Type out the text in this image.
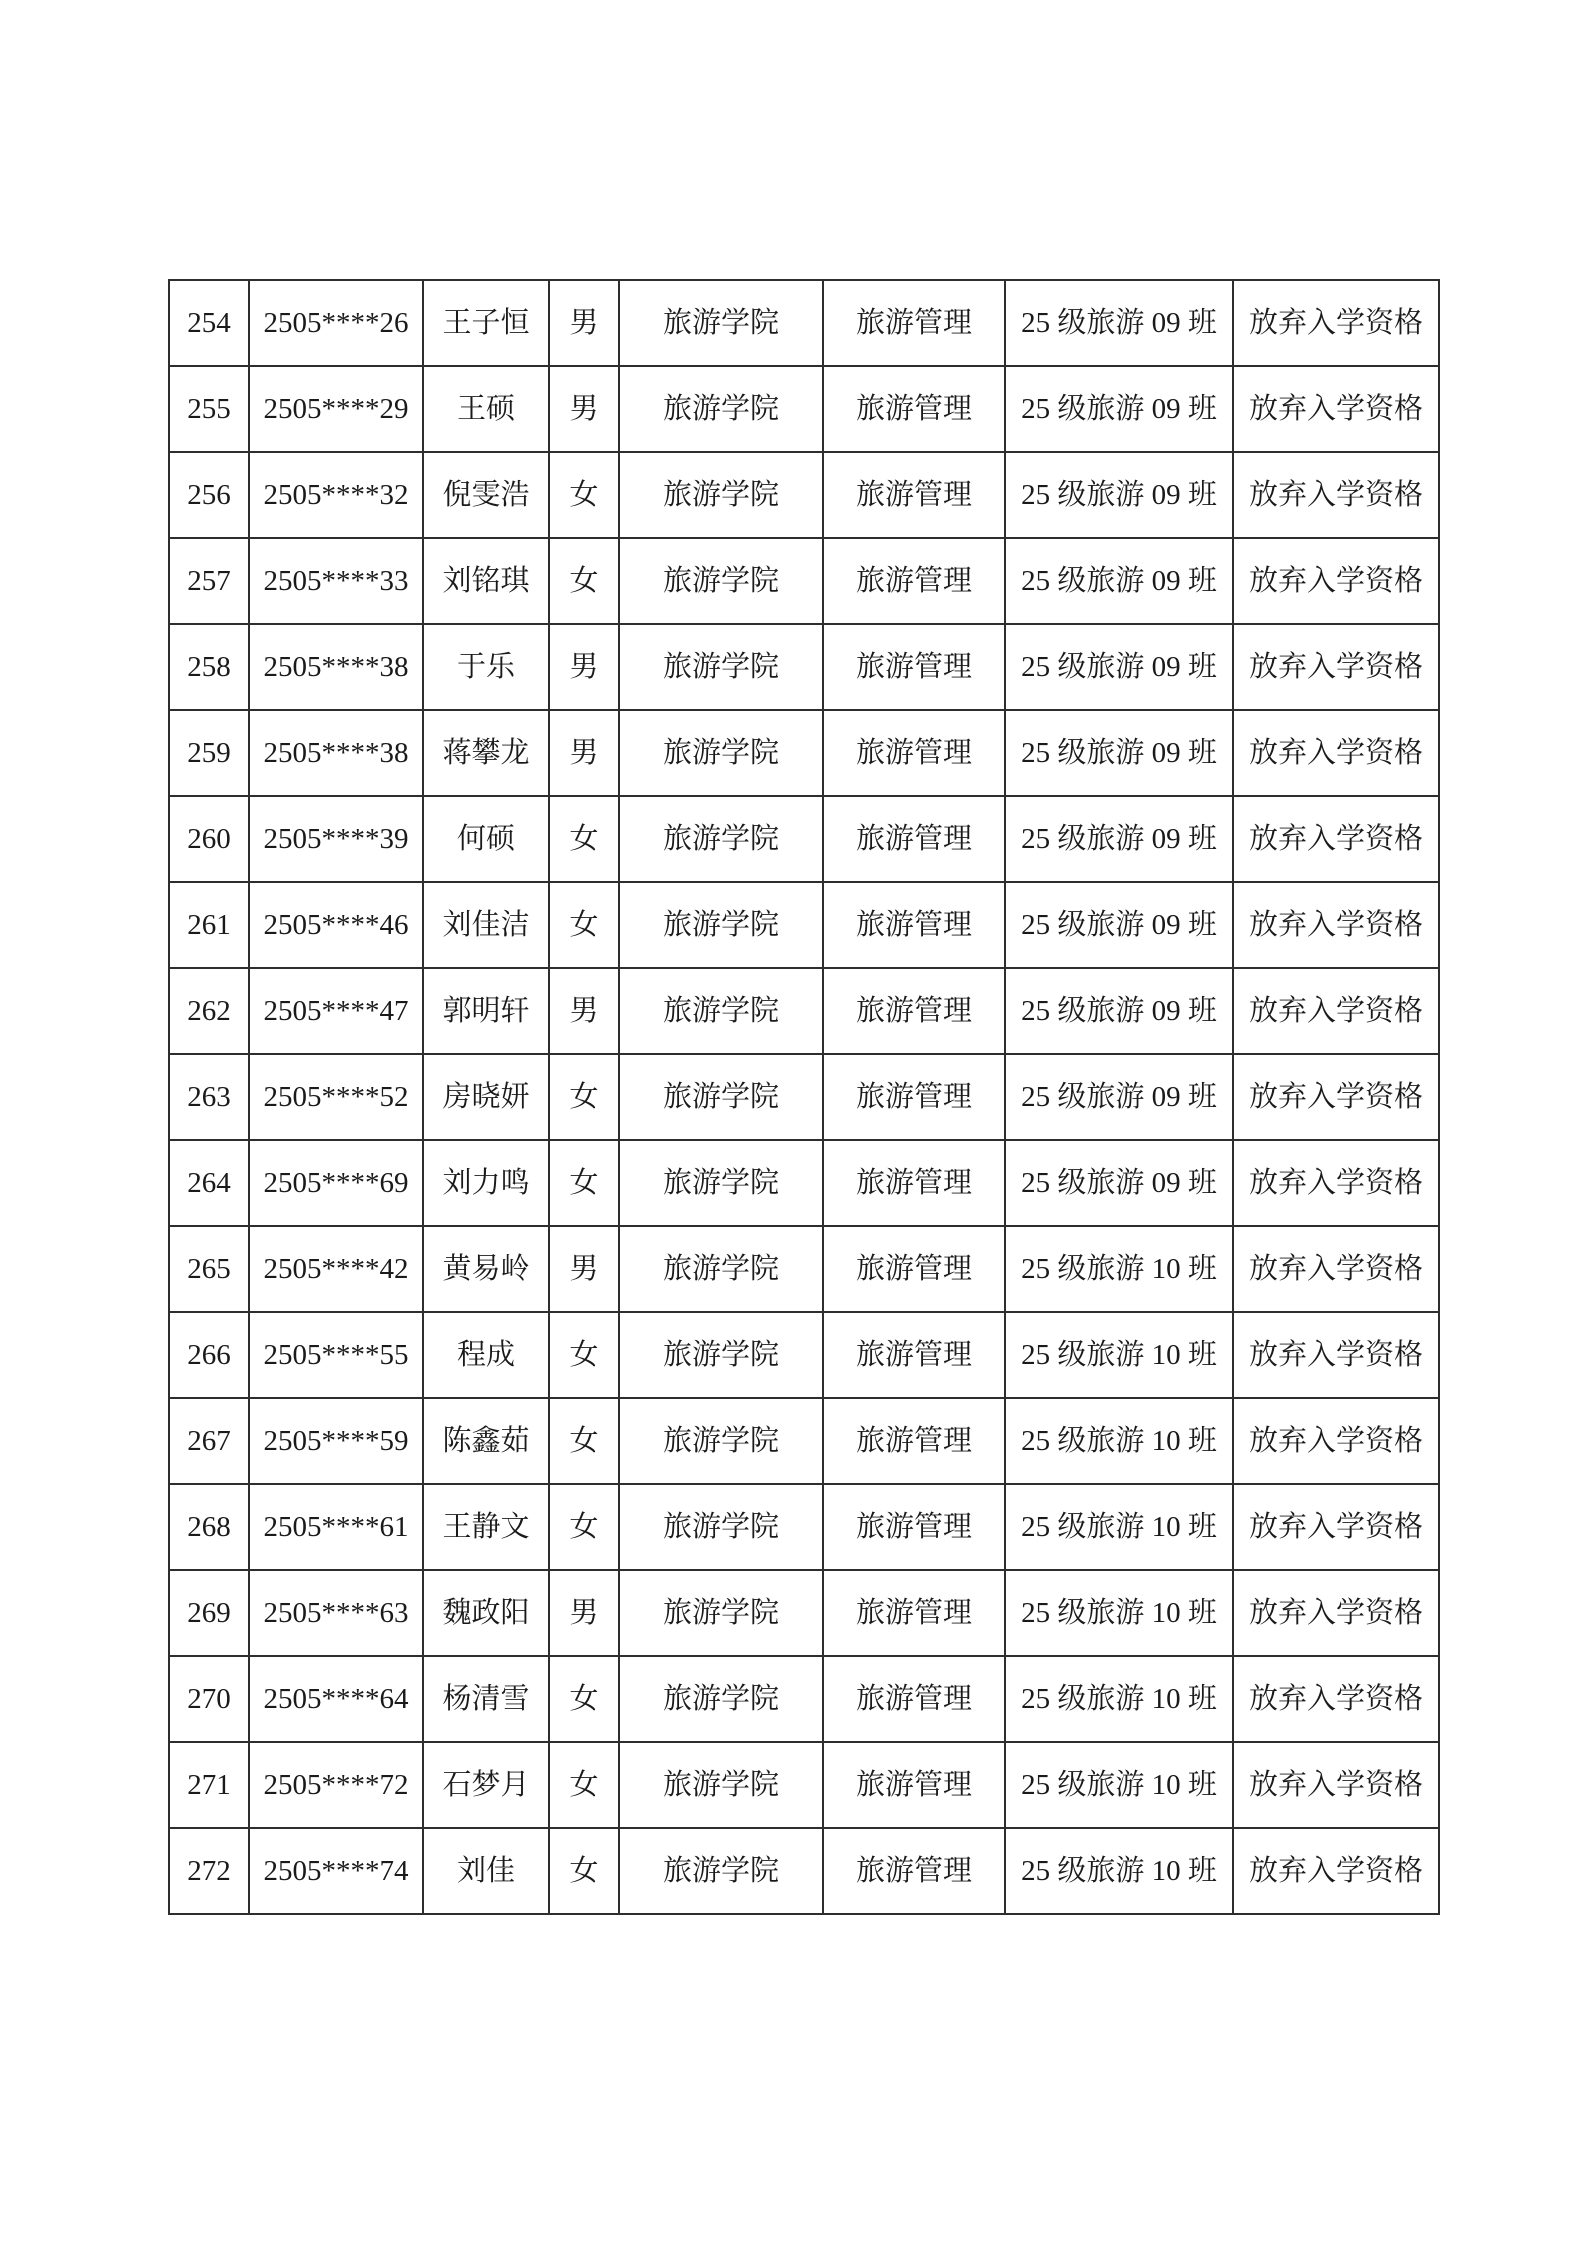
254	2505****26	王子恒	男	旅游学院	旅游管理	25 级旅游 09 班	放弃入学资格
255	2505****29	王硕	男	旅游学院	旅游管理	25 级旅游 09 班	放弃入学资格
256	2505****32	倪雯浩	女	旅游学院	旅游管理	25 级旅游 09 班	放弃入学资格
257	2505****33	刘铭琪	女	旅游学院	旅游管理	25 级旅游 09 班	放弃入学资格
258	2505****38	于乐	男	旅游学院	旅游管理	25 级旅游 09 班	放弃入学资格
259	2505****38	蒋攀龙	男	旅游学院	旅游管理	25 级旅游 09 班	放弃入学资格
260	2505****39	何硕	女	旅游学院	旅游管理	25 级旅游 09 班	放弃入学资格
261	2505****46	刘佳洁	女	旅游学院	旅游管理	25 级旅游 09 班	放弃入学资格
262	2505****47	郭明轩	男	旅游学院	旅游管理	25 级旅游 09 班	放弃入学资格
263	2505****52	房晓妍	女	旅游学院	旅游管理	25 级旅游 09 班	放弃入学资格
264	2505****69	刘力鸣	女	旅游学院	旅游管理	25 级旅游 09 班	放弃入学资格
265	2505****42	黄易岭	男	旅游学院	旅游管理	25 级旅游 10 班	放弃入学资格
266	2505****55	程成	女	旅游学院	旅游管理	25 级旅游 10 班	放弃入学资格
267	2505****59	陈鑫茹	女	旅游学院	旅游管理	25 级旅游 10 班	放弃入学资格
268	2505****61	王静文	女	旅游学院	旅游管理	25 级旅游 10 班	放弃入学资格
269	2505****63	魏政阳	男	旅游学院	旅游管理	25 级旅游 10 班	放弃入学资格
270	2505****64	杨清雪	女	旅游学院	旅游管理	25 级旅游 10 班	放弃入学资格
271	2505****72	石梦月	女	旅游学院	旅游管理	25 级旅游 10 班	放弃入学资格
272	2505****74	刘佳	女	旅游学院	旅游管理	25 级旅游 10 班	放弃入学资格
